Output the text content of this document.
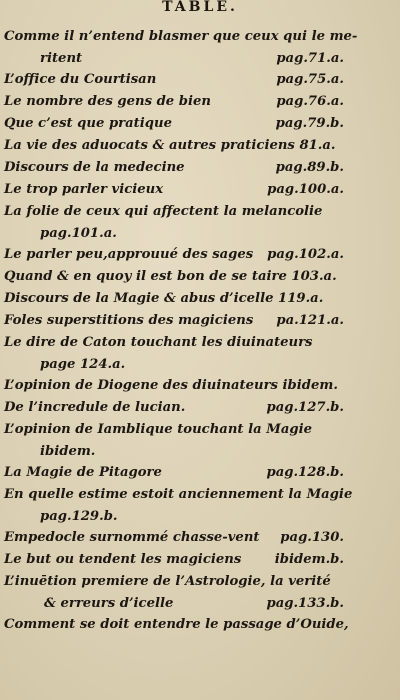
TABLE.
Comme il n’entend blasmer que ceux qui le me-
ritent	pag.71.a.
L’office du Courtisan	pag.75.a.
Le nombre des gens de bien	pag.76.a.
Que c’est que pratique	pag.79.b.
La vie des aduocats & autres praticiens 81.a.
Discours de la medecine	pag.89.b.
Le trop parler vicieux	pag.100.a.
La folie de ceux qui affectent la melancolie
pag.101.a.
Le parler peu,approuué des sages pag.102.a.
Quand & en quoy il est bon de se taire 103.a.
Discours de la Magie & abus d’icelle 119.a.
Foles superstitions des magiciens pa.121.a.
Le dire de Caton touchant les diuinateurs
page 124.a.
L’opinion de Diogene des diuinateurs ibidem.
De l’incredule de lucian.	pag.127.b.
L’opinion de Iamblique touchant la Magie
ibidem.
La Magie de Pitagore	pag.128.b.
En quelle estime estoit anciennement la Magie
pag.129.b.
Empedocle surnommé chasse-vent pag.130.
Le but ou tendent les magiciens	ibidem.b.
L’inuētion premiere de l’Astrologie, la verité
& erreurs d’icelle	pag.133.b.
Comment se doit entendre le passage d’Ouide,
